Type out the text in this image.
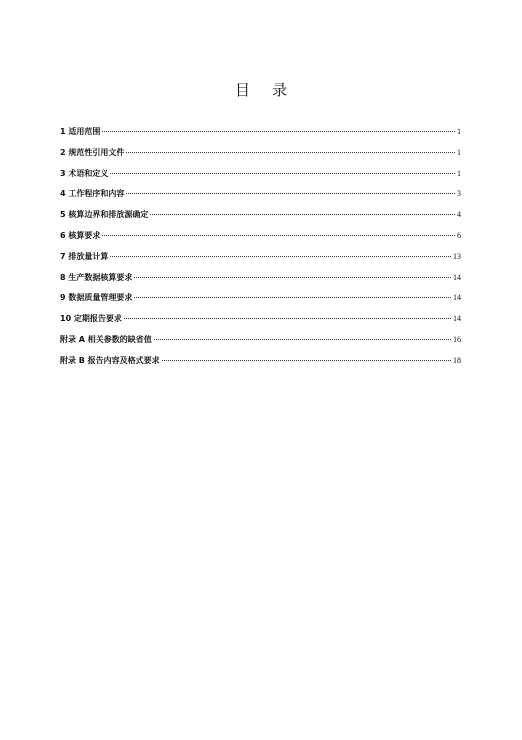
目 录
1 适用范围	1
2 规范性引用文件	1
3 术语和定义	1
4 工作程序和内容	3
5 核算边界和排放源确定	4
6 核算要求	6
7 排放量计算	13
8 生产数据核算要求	14
9 数据质量管理要求	14
10 定期报告要求	14
附录 A 相关参数的缺省值	16
附录 B 报告内容及格式要求	18
